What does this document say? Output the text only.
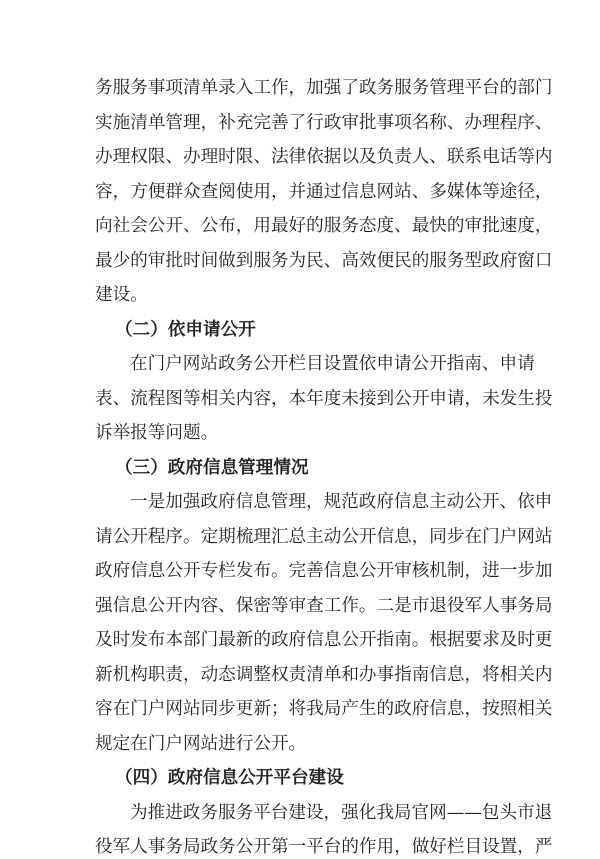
务服务事项清单录入工作，加强了政务服务管理平台的部门
实施清单管理，补充完善了行政审批事项名称、办理程序、
办理权限、办理时限、法律依据以及负责人、联系电话等内
容，方便群众查阅使用，并通过信息网站、多媒体等途径，
向社会公开、公布，用最好的服务态度、最快的审批速度，
最少的审批时间做到服务为民、高效便民的服务型政府窗口
建设。
（二）依申请公开
在门户网站政务公开栏目设置依申请公开指南、申请
表、流程图等相关内容，本年度未接到公开申请，未发生投
诉举报等问题。
（三）政府信息管理情况
一是加强政府信息管理，规范政府信息主动公开、依申
请公开程序。定期梳理汇总主动公开信息，同步在门户网站
政府信息公开专栏发布。完善信息公开审核机制，进一步加
强信息公开内容、保密等审查工作。二是市退役军人事务局
及时发布本部门最新的政府信息公开指南。根据要求及时更
新机构职责，动态调整权责清单和办事指南信息，将相关内
容在门户网站同步更新；将我局产生的政府信息，按照相关
规定在门户网站进行公开。
（四）政府信息公开平台建设
为推进政务服务平台建设，强化我局官网——包头市退
役军人事务局政务公开第一平台的作用，做好栏目设置，严
